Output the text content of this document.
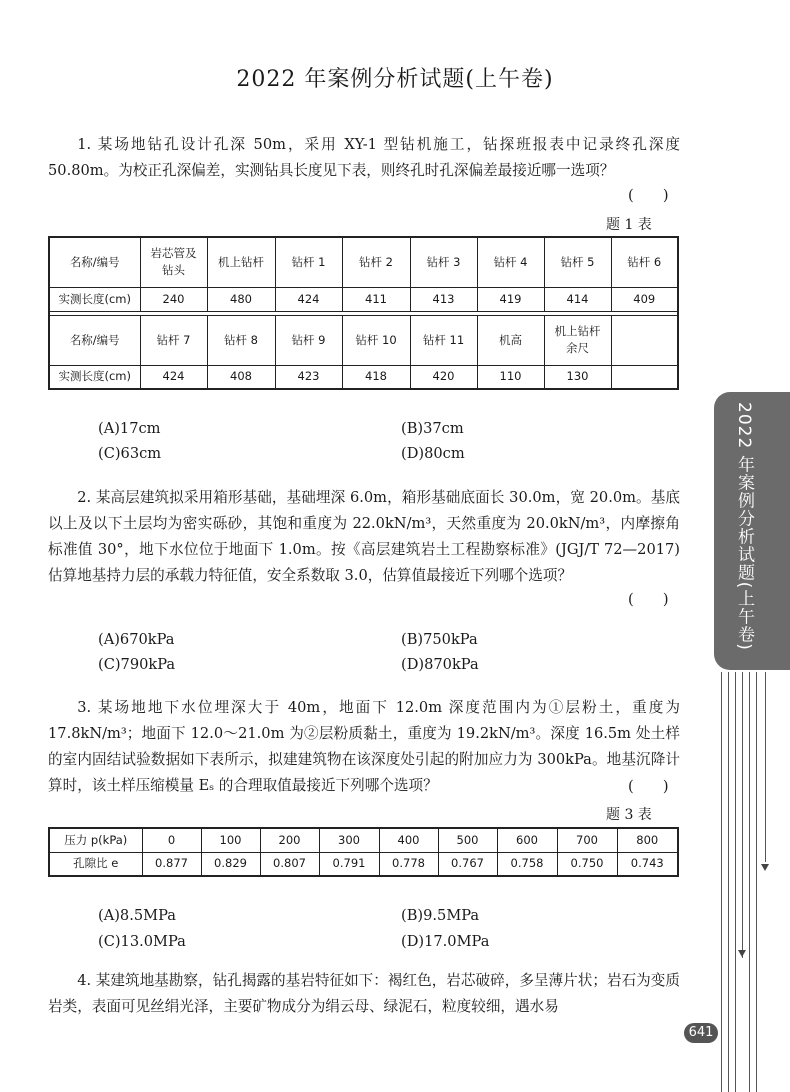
2022 年案例分析试题(上午卷)

1. 某场地钻孔设计孔深 50m，采用 XY-1 型钻机施工，钻探班报表中记录终孔深度 50.80m。为校正孔深偏差，实测钻具长度见下表，则终孔时孔深偏差最接近哪一选项？

(　　)
题 1 表
名称/编号	岩芯管及钻头	机上钻杆	钻杆 1	钻杆 2	钻杆 3	钻杆 4	钻杆 5	钻杆 6
实测长度(cm)	240	480	424	411	413	419	414	409

名称/编号	钻杆 7	钻杆 8	钻杆 9	钻杆 10	钻杆 11	机高	机上钻杆余尺	
实测长度(cm)	424	408	423	418	420	110	130	
(A)17cm	(B)37cm
(C)63cm	(D)80cm

2. 某高层建筑拟采用箱形基础，基础埋深 6.0m，箱形基础底面长 30.0m，宽 20.0m。基底以上及以下土层均为密实砾砂，其饱和重度为 22.0kN/m³，天然重度为 20.0kN/m³，内摩擦角标准值 30°，地下水位位于地面下 1.0m。按《高层建筑岩土工程勘察标准》(JGJ/T 72—2017)估算地基持力层的承载力特征值，安全系数取 3.0，估算值最接近下列哪个选项？

(　　)
(A)670kPa	(B)750kPa
(C)790kPa	(D)870kPa

3. 某场地地下水位埋深大于 40m，地面下 12.0m 深度范围内为①层粉土，重度为 17.8kN/m³；地面下 12.0～21.0m 为②层粉质黏土，重度为 19.2kN/m³。深度 16.5m 处土样的室内固结试验数据如下表所示，拟建建筑物在该深度处引起的附加应力为 300kPa。地基沉降计算时，该土样压缩模量 Eₛ 的合理取值最接近下列哪个选项？	(　　)
题 3 表
压力 p(kPa)	0	100	200	300	400	500	600	700	800
孔隙比 e	0.877	0.829	0.807	0.791	0.778	0.767	0.758	0.750	0.743
(A)8.5MPa	(B)9.5MPa
(C)13.0MPa	(D)17.0MPa

4. 某建筑地基勘察，钻孔揭露的基岩特征如下：褐红色，岩芯破碎，多呈薄片状；岩石为变质岩类，表面可见丝绢光泽，主要矿物成分为绢云母、绿泥石，粒度较细，遇水易

2022 年案例分析试题(上午卷)
641
